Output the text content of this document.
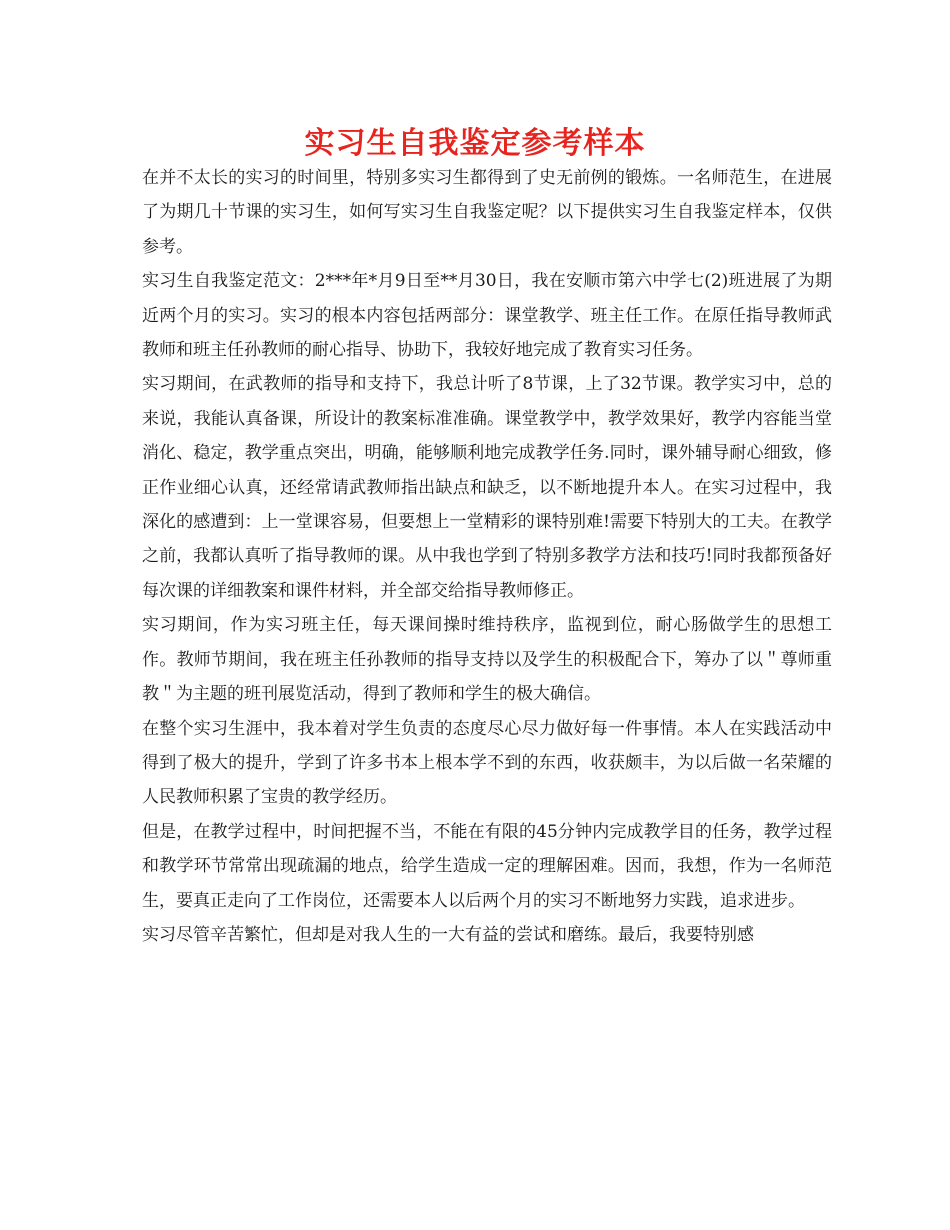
实习生自我鉴定参考样本

在并不太长的实习的时间里，特别多实习生都得到了史无前例的锻炼。一名师范生，在进展了为期几十节课的实习生，如何写实习生自我鉴定呢？以下提供实习生自我鉴定样本，仅供参考。

实习生自我鉴定范文：2***年*月9日至**月30日，我在安顺市第六中学七(2)班进展了为期近两个月的实习。实习的根本内容包括两部分：课堂教学、班主任工作。在原任指导教师武教师和班主任孙教师的耐心指导、协助下，我较好地完成了教育实习任务。

实习期间，在武教师的指导和支持下，我总计听了8节课，上了32节课。教学实习中，总的来说，我能认真备课，所设计的教案标准准确。课堂教学中，教学效果好，教学内容能当堂消化、稳定，教学重点突出，明确，能够顺利地完成教学任务.同时，课外辅导耐心细致，修正作业细心认真，还经常请武教师指出缺点和缺乏，以不断地提升本人。在实习过程中，我深化的感遭到：上一堂课容易，但要想上一堂精彩的课特别难!需要下特别大的工夫。在教学之前，我都认真听了指导教师的课。从中我也学到了特别多教学方法和技巧!同时我都预备好每次课的详细教案和课件材料，并全部交给指导教师修正。

实习期间，作为实习班主任，每天课间操时维持秩序，监视到位，耐心肠做学生的思想工作。教师节期间，我在班主任孙教师的指导支持以及学生的积极配合下，筹办了以＂尊师重教＂为主题的班刊展览活动，得到了教师和学生的极大确信。

在整个实习生涯中，我本着对学生负责的态度尽心尽力做好每一件事情。本人在实践活动中得到了极大的提升，学到了许多书本上根本学不到的东西，收获颇丰，为以后做一名荣耀的人民教师积累了宝贵的教学经历。

但是，在教学过程中，时间把握不当，不能在有限的45分钟内完成教学目的任务，教学过程和教学环节常常出现疏漏的地点，给学生造成一定的理解困难。因而，我想，作为一名师范生，要真正走向了工作岗位，还需要本人以后两个月的实习不断地努力实践，追求进步。

实习尽管辛苦繁忙，但却是对我人生的一大有益的尝试和磨练。最后，我要特别感
